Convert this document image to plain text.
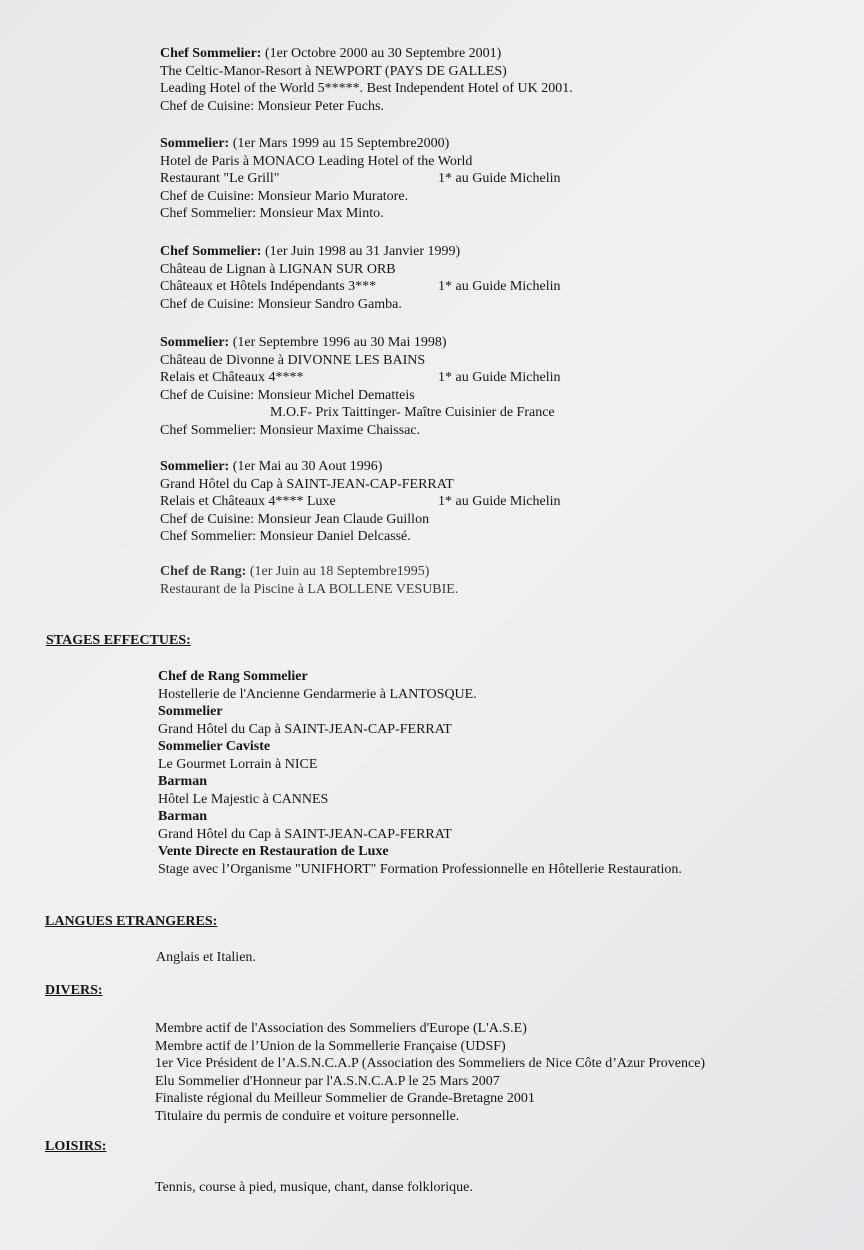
Chef Sommelier: (1er Octobre 2000 au 30 Septembre 2001)
The Celtic-Manor-Resort à NEWPORT (PAYS DE GALLES)
Leading Hotel of the World 5*****. Best Independent Hotel of UK 2001.
Chef de Cuisine: Monsieur Peter Fuchs.
Sommelier: (1er Mars 1999 au 15 Septembre2000)
Hotel de Paris à MONACO Leading Hotel of the World
Restaurant "Le Grill"	1* au Guide Michelin
Chef de Cuisine: Monsieur Mario Muratore.
Chef Sommelier: Monsieur Max Minto.
Chef Sommelier: (1er Juin 1998 au 31 Janvier 1999)
Château de Lignan à LIGNAN SUR ORB
Châteaux et Hôtels Indépendants 3***	1* au Guide Michelin
Chef de Cuisine: Monsieur Sandro Gamba.
Sommelier: (1er Septembre 1996 au 30 Mai 1998)
Château de Divonne à DIVONNE LES BAINS
Relais et Châteaux 4****	1* au Guide Michelin
Chef de Cuisine: Monsieur Michel Dematteis
M.O.F- Prix Taittinger- Maître Cuisinier de France
Chef Sommelier: Monsieur Maxime Chaissac.
Sommelier: (1er Mai au 30 Aout 1996)
Grand Hôtel du Cap à SAINT-JEAN-CAP-FERRAT
Relais et Châteaux 4**** Luxe	1* au Guide Michelin
Chef de Cuisine: Monsieur Jean Claude Guillon
Chef Sommelier: Monsieur Daniel Delcassé.
Chef de Rang: (1er Juin au 18 Septembre1995)
Restaurant de la Piscine à LA BOLLENE VESUBIE.
STAGES EFFECTUES:
Chef de Rang Sommelier
Hostellerie de l'Ancienne Gendarmerie à LANTOSQUE.
Sommelier
Grand Hôtel du Cap à SAINT-JEAN-CAP-FERRAT
Sommelier Caviste
Le Gourmet Lorrain à NICE
Barman
Hôtel Le Majestic à CANNES
Barman
Grand Hôtel du Cap à SAINT-JEAN-CAP-FERRAT
Vente Directe en Restauration de Luxe
Stage avec l’Organisme "UNIFHORT" Formation Professionnelle en Hôtellerie Restauration.
LANGUES ETRANGERES:
Anglais et Italien.
DIVERS:
Membre actif de l'Association des Sommeliers d'Europe (L'A.S.E)
Membre actif de l’Union de la Sommellerie Française (UDSF)
1er Vice Président de l’A.S.N.C.A.P (Association des Sommeliers de Nice Côte d’Azur Provence)
Elu Sommelier d'Honneur par l'A.S.N.C.A.P le 25 Mars 2007
Finaliste régional du Meilleur Sommelier de Grande-Bretagne 2001
Titulaire du permis de conduire et voiture personnelle.
LOISIRS:
Tennis, course à pied, musique, chant, danse folklorique.
